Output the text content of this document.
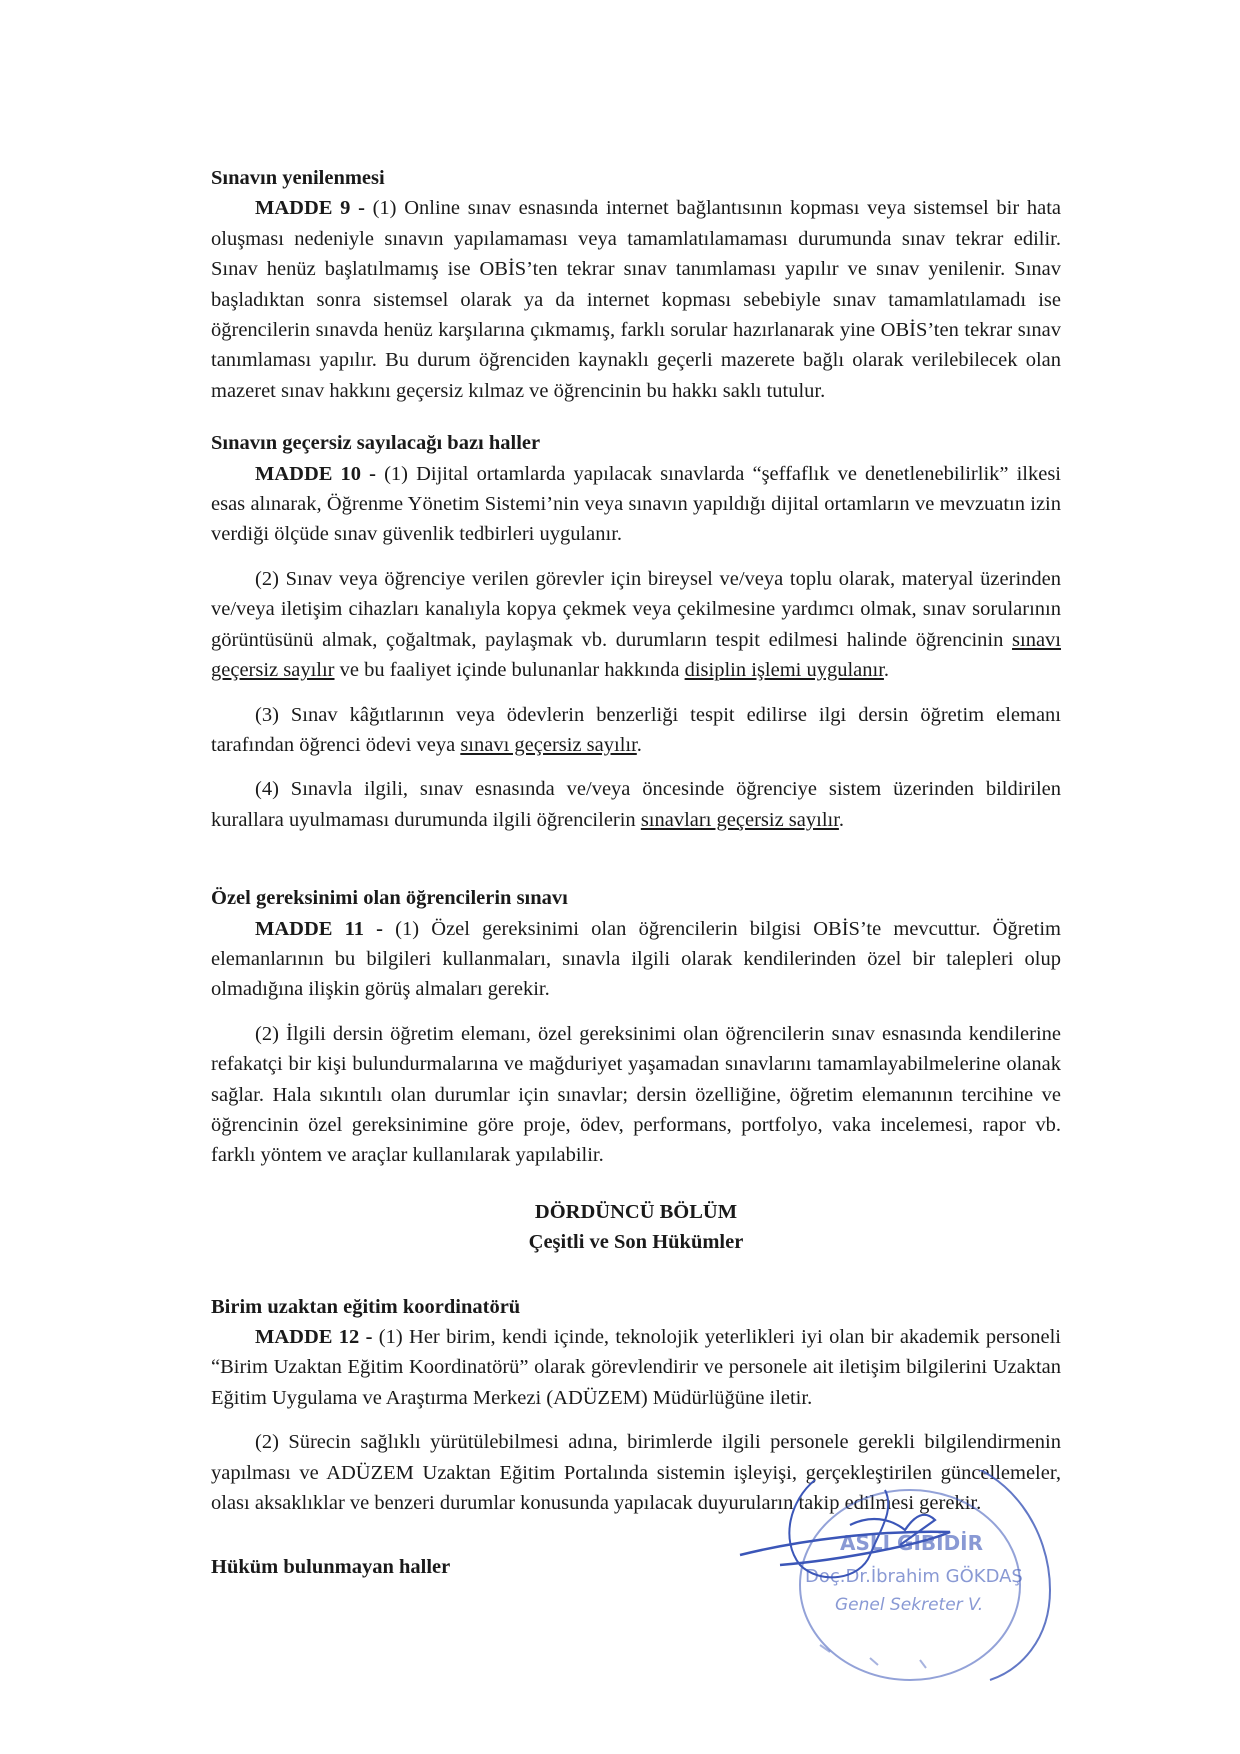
Sınavın yenilenmesi

MADDE 9 - (1) Online sınav esnasında internet bağlantısının kopması veya sistemsel bir hata oluşması nedeniyle sınavın yapılamaması veya tamamlatılamaması durumunda sınav tekrar edilir. Sınav henüz başlatılmamış ise OBİS’ten tekrar sınav tanımlaması yapılır ve sınav yenilenir. Sınav başladıktan sonra sistemsel olarak ya da internet kopması sebebiyle sınav tamamlatılamadı ise öğrencilerin sınavda henüz karşılarına çıkmamış, farklı sorular hazırlanarak yine OBİS’ten tekrar sınav tanımlaması yapılır. Bu durum öğrenciden kaynaklı geçerli mazerete bağlı olarak verilebilecek olan mazeret sınav hakkını geçersiz kılmaz ve öğrencinin bu hakkı saklı tutulur.

Sınavın geçersiz sayılacağı bazı haller

MADDE 10 - (1) Dijital ortamlarda yapılacak sınavlarda “şeffaflık ve denetlenebilirlik” ilkesi esas alınarak, Öğrenme Yönetim Sistemi’nin veya sınavın yapıldığı dijital ortamların ve mevzuatın izin verdiği ölçüde sınav güvenlik tedbirleri uygulanır.

(2) Sınav veya öğrenciye verilen görevler için bireysel ve/veya toplu olarak, materyal üzerinden ve/veya iletişim cihazları kanalıyla kopya çekmek veya çekilmesine yardımcı olmak, sınav sorularının görüntüsünü almak, çoğaltmak, paylaşmak vb. durumların tespit edilmesi halinde öğrencinin sınavı geçersiz sayılır ve bu faaliyet içinde bulunanlar hakkında disiplin işlemi uygulanır.

(3) Sınav kâğıtlarının veya ödevlerin benzerliği tespit edilirse ilgi dersin öğretim elemanı tarafından öğrenci ödevi veya sınavı geçersiz sayılır.

(4) Sınavla ilgili, sınav esnasında ve/veya öncesinde öğrenciye sistem üzerinden bildirilen kurallara uyulmaması durumunda ilgili öğrencilerin sınavları geçersiz sayılır.

Özel gereksinimi olan öğrencilerin sınavı

MADDE 11 - (1) Özel gereksinimi olan öğrencilerin bilgisi OBİS’te mevcuttur. Öğretim elemanlarının bu bilgileri kullanmaları, sınavla ilgili olarak kendilerinden özel bir talepleri olup olmadığına ilişkin görüş almaları gerekir.

(2) İlgili dersin öğretim elemanı, özel gereksinimi olan öğrencilerin sınav esnasında kendilerine refakatçi bir kişi bulundurmalarına ve mağduriyet yaşamadan sınavlarını tamamlayabilmelerine olanak sağlar. Hala sıkıntılı olan durumlar için sınavlar; dersin özelliğine, öğretim elemanının tercihine ve öğrencinin özel gereksinimine göre proje, ödev, performans, portfolyo, vaka incelemesi, rapor vb. farklı yöntem ve araçlar kullanılarak yapılabilir.

DÖRDÜNCÜ BÖLÜM
Çeşitli ve Son Hükümler
Birim uzaktan eğitim koordinatörü

MADDE 12 - (1) Her birim, kendi içinde, teknolojik yeterlikleri iyi olan bir akademik personeli “Birim Uzaktan Eğitim Koordinatörü” olarak görevlendirir ve personele ait iletişim bilgilerini Uzaktan Eğitim Uygulama ve Araştırma Merkezi (ADÜZEM) Müdürlüğüne iletir.

(2) Sürecin sağlıklı yürütülebilmesi adına, birimlerde ilgili personele gerekli bilgilendirmenin yapılması ve ADÜZEM Uzaktan Eğitim Portalında sistemin işleyişi, gerçekleştirilen güncellemeler, olası aksaklıklar ve benzeri durumlar konusunda yapılacak duyuruların takip edilmesi gerekir.

Hüküm bulunmayan haller
ASLI GİBİDİR
Doç.Dr.İbrahim GÖKDAŞ
Genel Sekreter V.
